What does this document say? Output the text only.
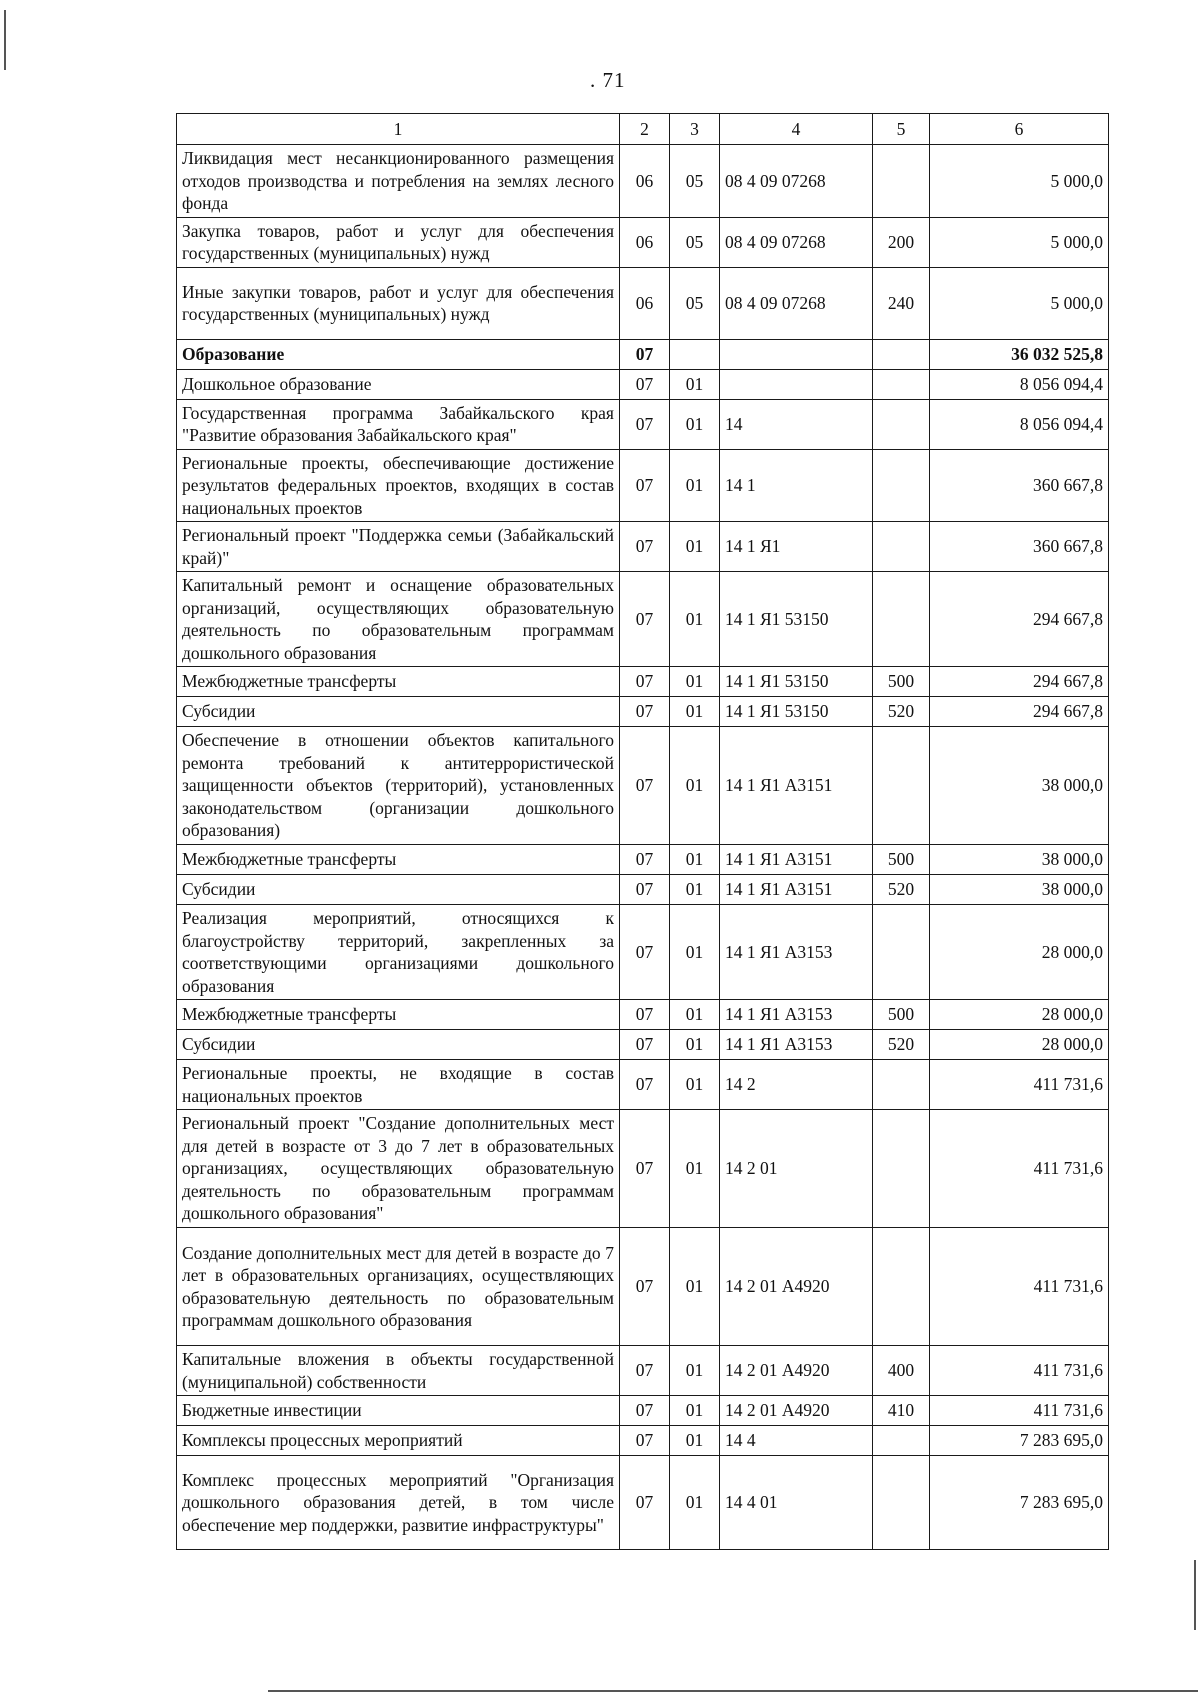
. 71
1	2	3	4	5	6
Ликвидация мест несанкционированного размещения отходов производства и потребления на землях лесного фонда	06	05	08 4 09 07268		5 000,0
Закупка товаров, работ и услуг для обеспечения государственных (муниципальных) нужд	06	05	08 4 09 07268	200	5 000,0
Иные закупки товаров, работ и услуг для обеспечения государственных (муниципальных) нужд	06	05	08 4 09 07268	240	5 000,0
Образование	07				36 032 525,8
Дошкольное образование	07	01			8 056 094,4
Государственная программа Забайкальского края "Развитие образования Забайкальского края"	07	01	14		8 056 094,4
Региональные проекты, обеспечивающие достижение результатов федеральных проектов, входящих в состав национальных проектов	07	01	14 1		360 667,8
Региональный проект "Поддержка семьи (Забайкальский край)"	07	01	14 1 Я1		360 667,8
Капитальный ремонт и оснащение образовательных организаций, осуществляющих образовательную деятельность по образовательным программам дошкольного образования	07	01	14 1 Я1 53150		294 667,8
Межбюджетные трансферты	07	01	14 1 Я1 53150	500	294 667,8
Субсидии	07	01	14 1 Я1 53150	520	294 667,8
Обеспечение в отношении объектов капитального ремонта требований к антитеррористической защищенности объектов (территорий), установленных законодательством (организации дошкольного образования)	07	01	14 1 Я1 А3151		38 000,0
Межбюджетные трансферты	07	01	14 1 Я1 А3151	500	38 000,0
Субсидии	07	01	14 1 Я1 А3151	520	38 000,0
Реализация мероприятий, относящихся к благоустройству территорий, закрепленных за соответствующими организациями дошкольного образования	07	01	14 1 Я1 А3153		28 000,0
Межбюджетные трансферты	07	01	14 1 Я1 А3153	500	28 000,0
Субсидии	07	01	14 1 Я1 А3153	520	28 000,0
Региональные проекты, не входящие в состав национальных проектов	07	01	14 2		411 731,6
Региональный проект "Создание дополнительных мест для детей в возрасте от 3 до 7 лет в образовательных организациях, осуществляющих образовательную деятельность по образовательным программам дошкольного образования"	07	01	14 2 01		411 731,6
Создание дополнительных мест для детей в возрасте до 7 лет в образовательных организациях, осуществляющих образовательную деятельность по образовательным программам дошкольного образования	07	01	14 2 01 А4920		411 731,6
Капитальные вложения в объекты государственной (муниципальной) собственности	07	01	14 2 01 А4920	400	411 731,6
Бюджетные инвестиции	07	01	14 2 01 А4920	410	411 731,6
Комплексы процессных мероприятий	07	01	14 4		7 283 695,0
Комплекс процессных мероприятий "Организация дошкольного образования детей, в том числе обеспечение мер поддержки, развитие инфраструктуры"	07	01	14 4 01		7 283 695,0
